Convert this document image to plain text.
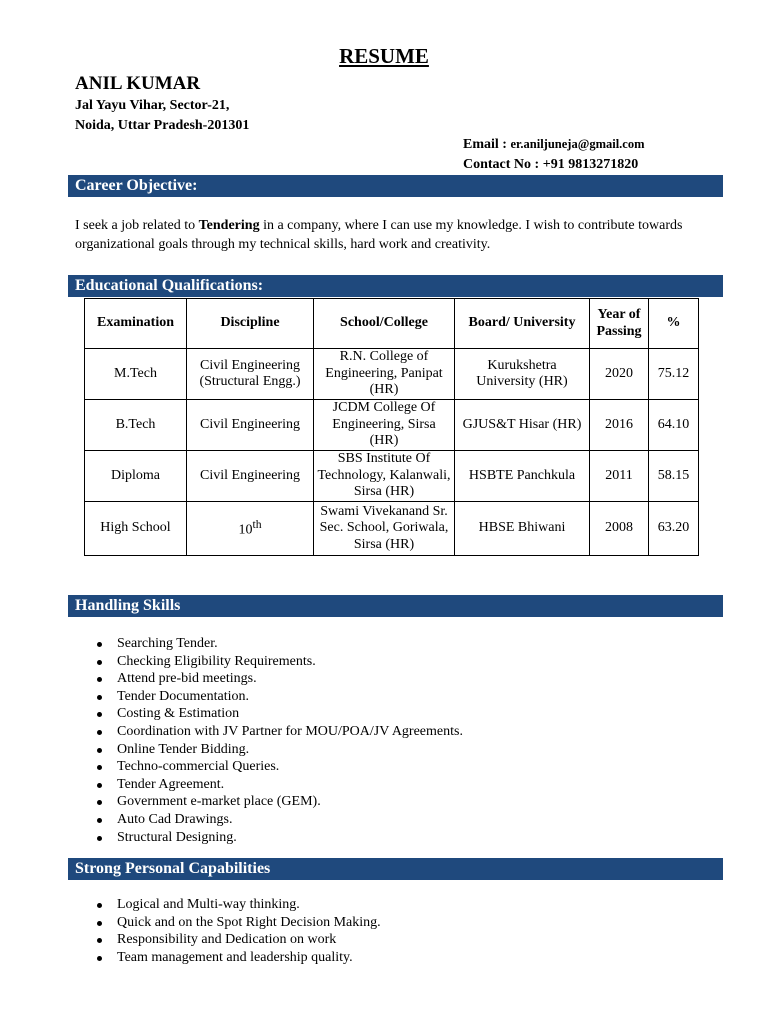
RESUME
ANIL KUMAR
Jal Yayu Vihar, Sector-21,
Noida, Uttar Pradesh-201301
Email : er.aniljuneja@gmail.com
Contact No : +91 9813271820
Career Objective:
I seek a job related to Tendering in a company, where I can use my knowledge. I wish to contribute towards organizational goals through my technical skills, hard work and creativity.
Educational Qualifications:
Examination	Discipline	School/College	Board/ University	Year of Passing	%
M.Tech	Civil Engineering (Structural Engg.)	R.N. College of Engineering, Panipat (HR)	Kurukshetra University (HR)	2020	75.12
B.Tech	Civil Engineering	JCDM College Of Engineering, Sirsa (HR)	GJUS&T Hisar (HR)	2016	64.10
Diploma	Civil Engineering	SBS Institute Of Technology, Kalanwali, Sirsa (HR)	HSBTE Panchkula	2011	58.15
High School	10th	Swami Vivekanand Sr. Sec. School, Goriwala, Sirsa (HR)	HBSE Bhiwani	2008	63.20
Handling Skills
Searching Tender.
Checking Eligibility Requirements.
Attend pre-bid meetings.
Tender Documentation.
Costing & Estimation
Coordination with JV Partner for MOU/POA/JV Agreements.
Online Tender Bidding.
Techno-commercial Queries.
Tender Agreement.
Government e-market place (GEM).
Auto Cad Drawings.
Structural Designing.
Strong Personal Capabilities
Logical and Multi-way thinking.
Quick and on the Spot Right Decision Making.
Responsibility and Dedication on work
Team management and leadership quality.
